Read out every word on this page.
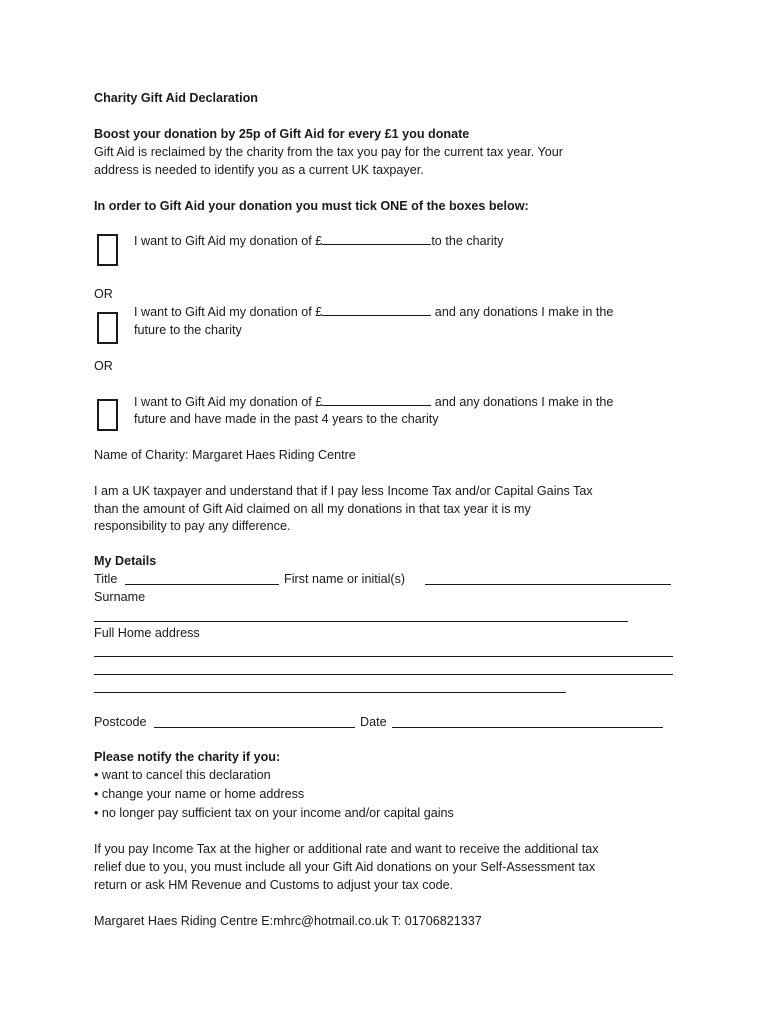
Charity Gift Aid Declaration
Boost your donation by 25p of Gift Aid for every £1 you donate
Gift Aid is reclaimed by the charity from the tax you pay for the current tax year. Your
address is needed to identify you as a current UK taxpayer.
In order to Gift Aid your donation you must tick ONE of the boxes below:
I want to Gift Aid my donation of £	to the charity
OR
I want to Gift Aid my donation of £	and any donations I make in the
future to the charity
OR
I want to Gift Aid my donation of £	and any donations I make in the
future and have made in the past 4 years to the charity
Name of Charity: Margaret Haes Riding Centre
I am a UK taxpayer and understand that if I pay less Income Tax and/or Capital Gains Tax
than the amount of Gift Aid claimed on all my donations in that tax year it is my
responsibility to pay any difference.
My Details
Title	First name or initial(s)
Surname
Full Home address
Postcode	Date
Please notify the charity if you:
• want to cancel this declaration
• change your name or home address
• no longer pay sufficient tax on your income and/or capital gains
If you pay Income Tax at the higher or additional rate and want to receive the additional tax
relief due to you, you must include all your Gift Aid donations on your Self-Assessment tax
return or ask HM Revenue and Customs to adjust your tax code.
Margaret Haes Riding Centre E:mhrc@hotmail.co.uk T: 01706821337
